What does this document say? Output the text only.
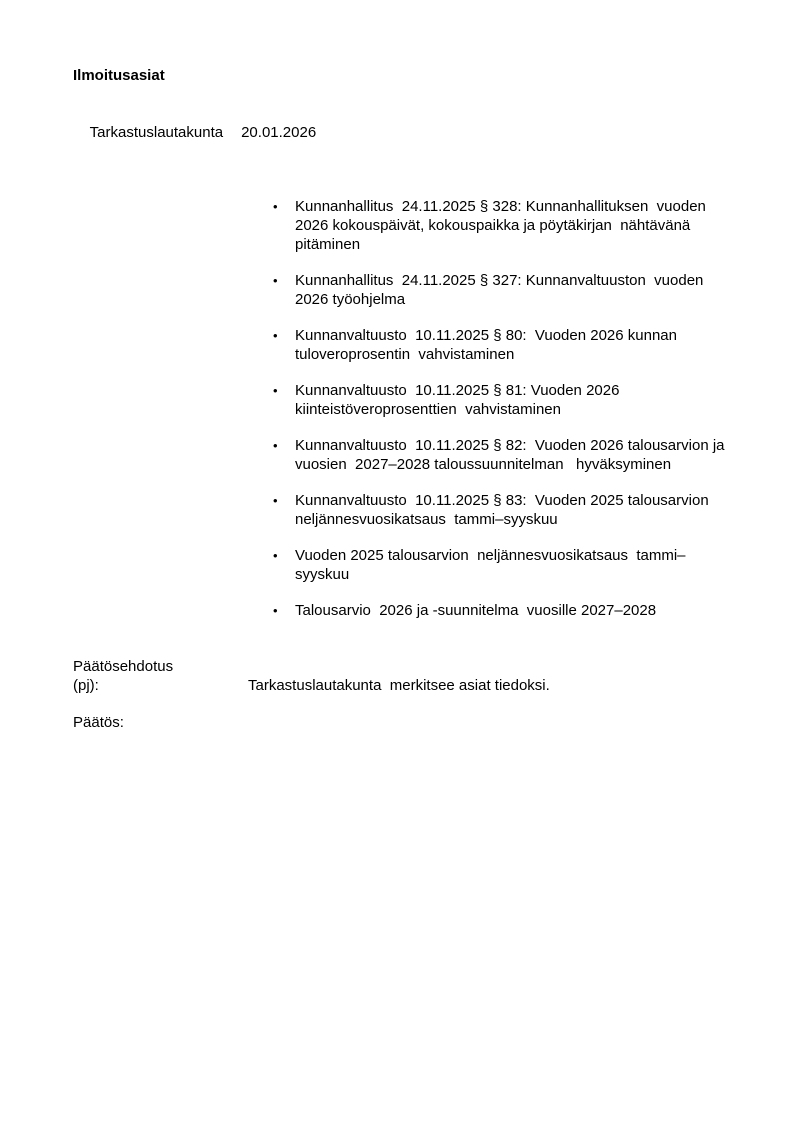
Ilmoitusasiat

Tarkastuslautakunta 20.01.2026

•	Kunnanhallitus  24.11.2025 § 328: Kunnanhallituksen  vuoden 2026 kokouspäivät, kokouspaikka ja pöytäkirjan  nähtävänä pitäminen
•	Kunnanhallitus  24.11.2025 § 327: Kunnanvaltuuston  vuoden 2026 työohjelma
•	Kunnanvaltuusto  10.11.2025 § 80:  Vuoden 2026 kunnan tuloveroprosentin  vahvistaminen
•	Kunnanvaltuusto  10.11.2025 § 81: Vuoden 2026 kiinteistöveroprosenttien  vahvistaminen
•	Kunnanvaltuusto  10.11.2025 § 82:  Vuoden 2026 talousarvion ja vuosien  2027–2028 taloussuunnitelman   hyväksyminen
•	Kunnanvaltuusto  10.11.2025 § 83:  Vuoden 2025 talousarvion neljännesvuosikatsaus  tammi–syyskuu
•	Vuoden 2025 talousarvion  neljännesvuosikatsaus  tammi–syyskuu
•	Talousarvio  2026 ja -suunnitelma  vuosille 2027–2028
Päätösehdotus
(pj):	Tarkastuslautakunta  merkitsee asiat tiedoksi.
Päätös:
